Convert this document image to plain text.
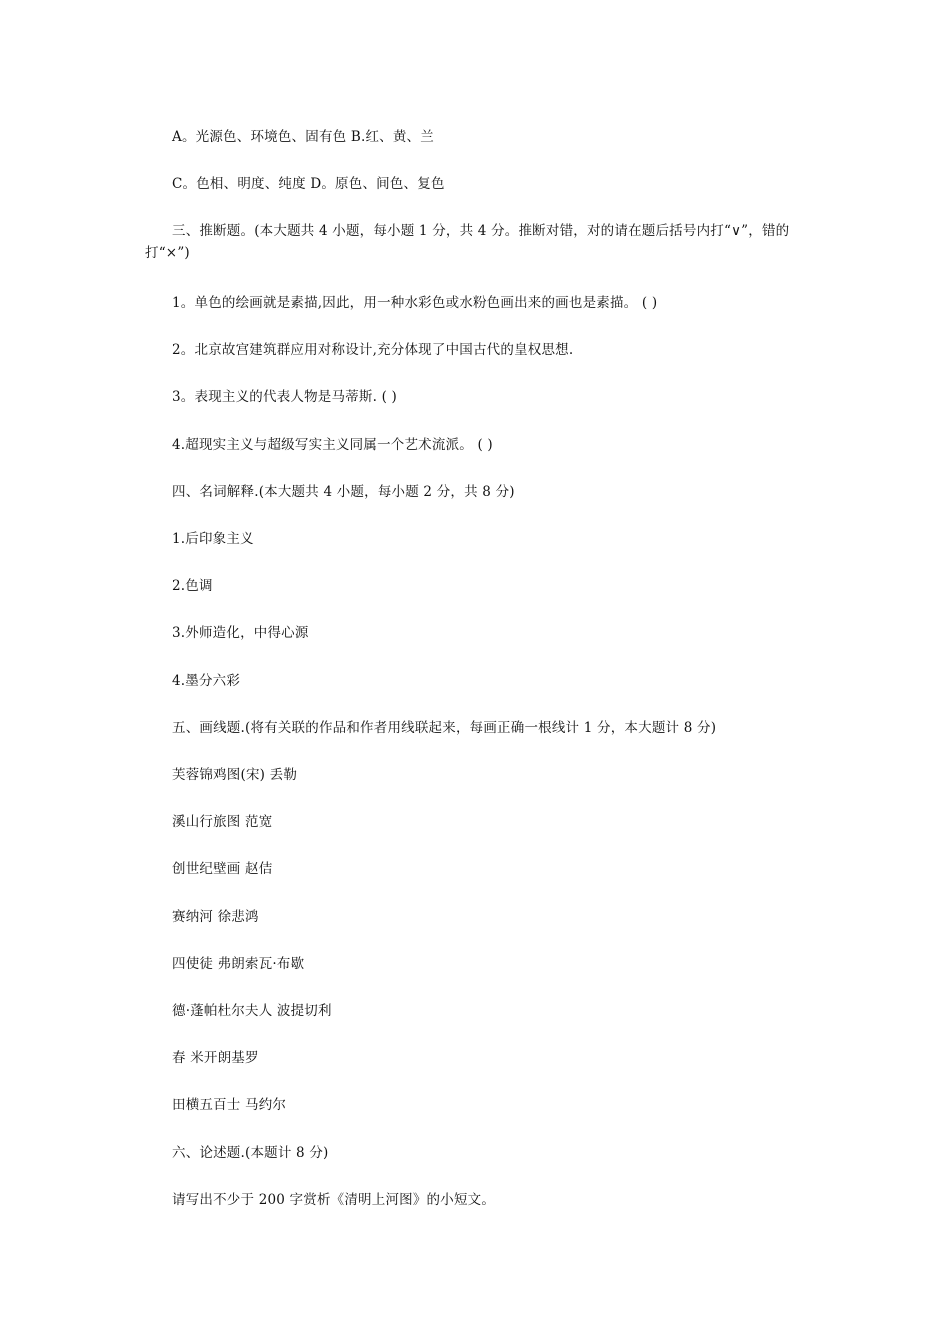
A。光源色、环境色、固有色 B.红、黄、兰
C。色相、明度、纯度 D。原色、间色、复色
三、推断题。(本大题共 4 小题，每小题 1 分，共 4 分。推断对错，对的请在题后括号内打“∨”，错的打“×”)
1。单色的绘画就是素描,因此，用一种水彩色或水粉色画出来的画也是素描。 ( )
2。北京故宫建筑群应用对称设计,充分体现了中国古代的皇权思想.
3。表现主义的代表人物是马蒂斯. ( )
4.超现实主义与超级写实主义同属一个艺术流派。 ( )
四、名词解释.(本大题共 4 小题，每小题 2 分，共 8 分)
1.后印象主义
2.色调
3.外师造化，中得心源
4.墨分六彩
五、画线题.(将有关联的作品和作者用线联起来，每画正确一根线计 1 分，本大题计 8 分)
芙蓉锦鸡图(宋) 丢勒
溪山行旅图 范宽
创世纪壁画 赵佶
赛纳河 徐悲鸿
四使徒 弗朗索瓦·布歇
德·蓬帕杜尔夫人 波提切利
春 米开朗基罗
田横五百士 马约尔
六、论述题.(本题计 8 分)
请写出不少于 200 字赏析《清明上河图》的小短文。
